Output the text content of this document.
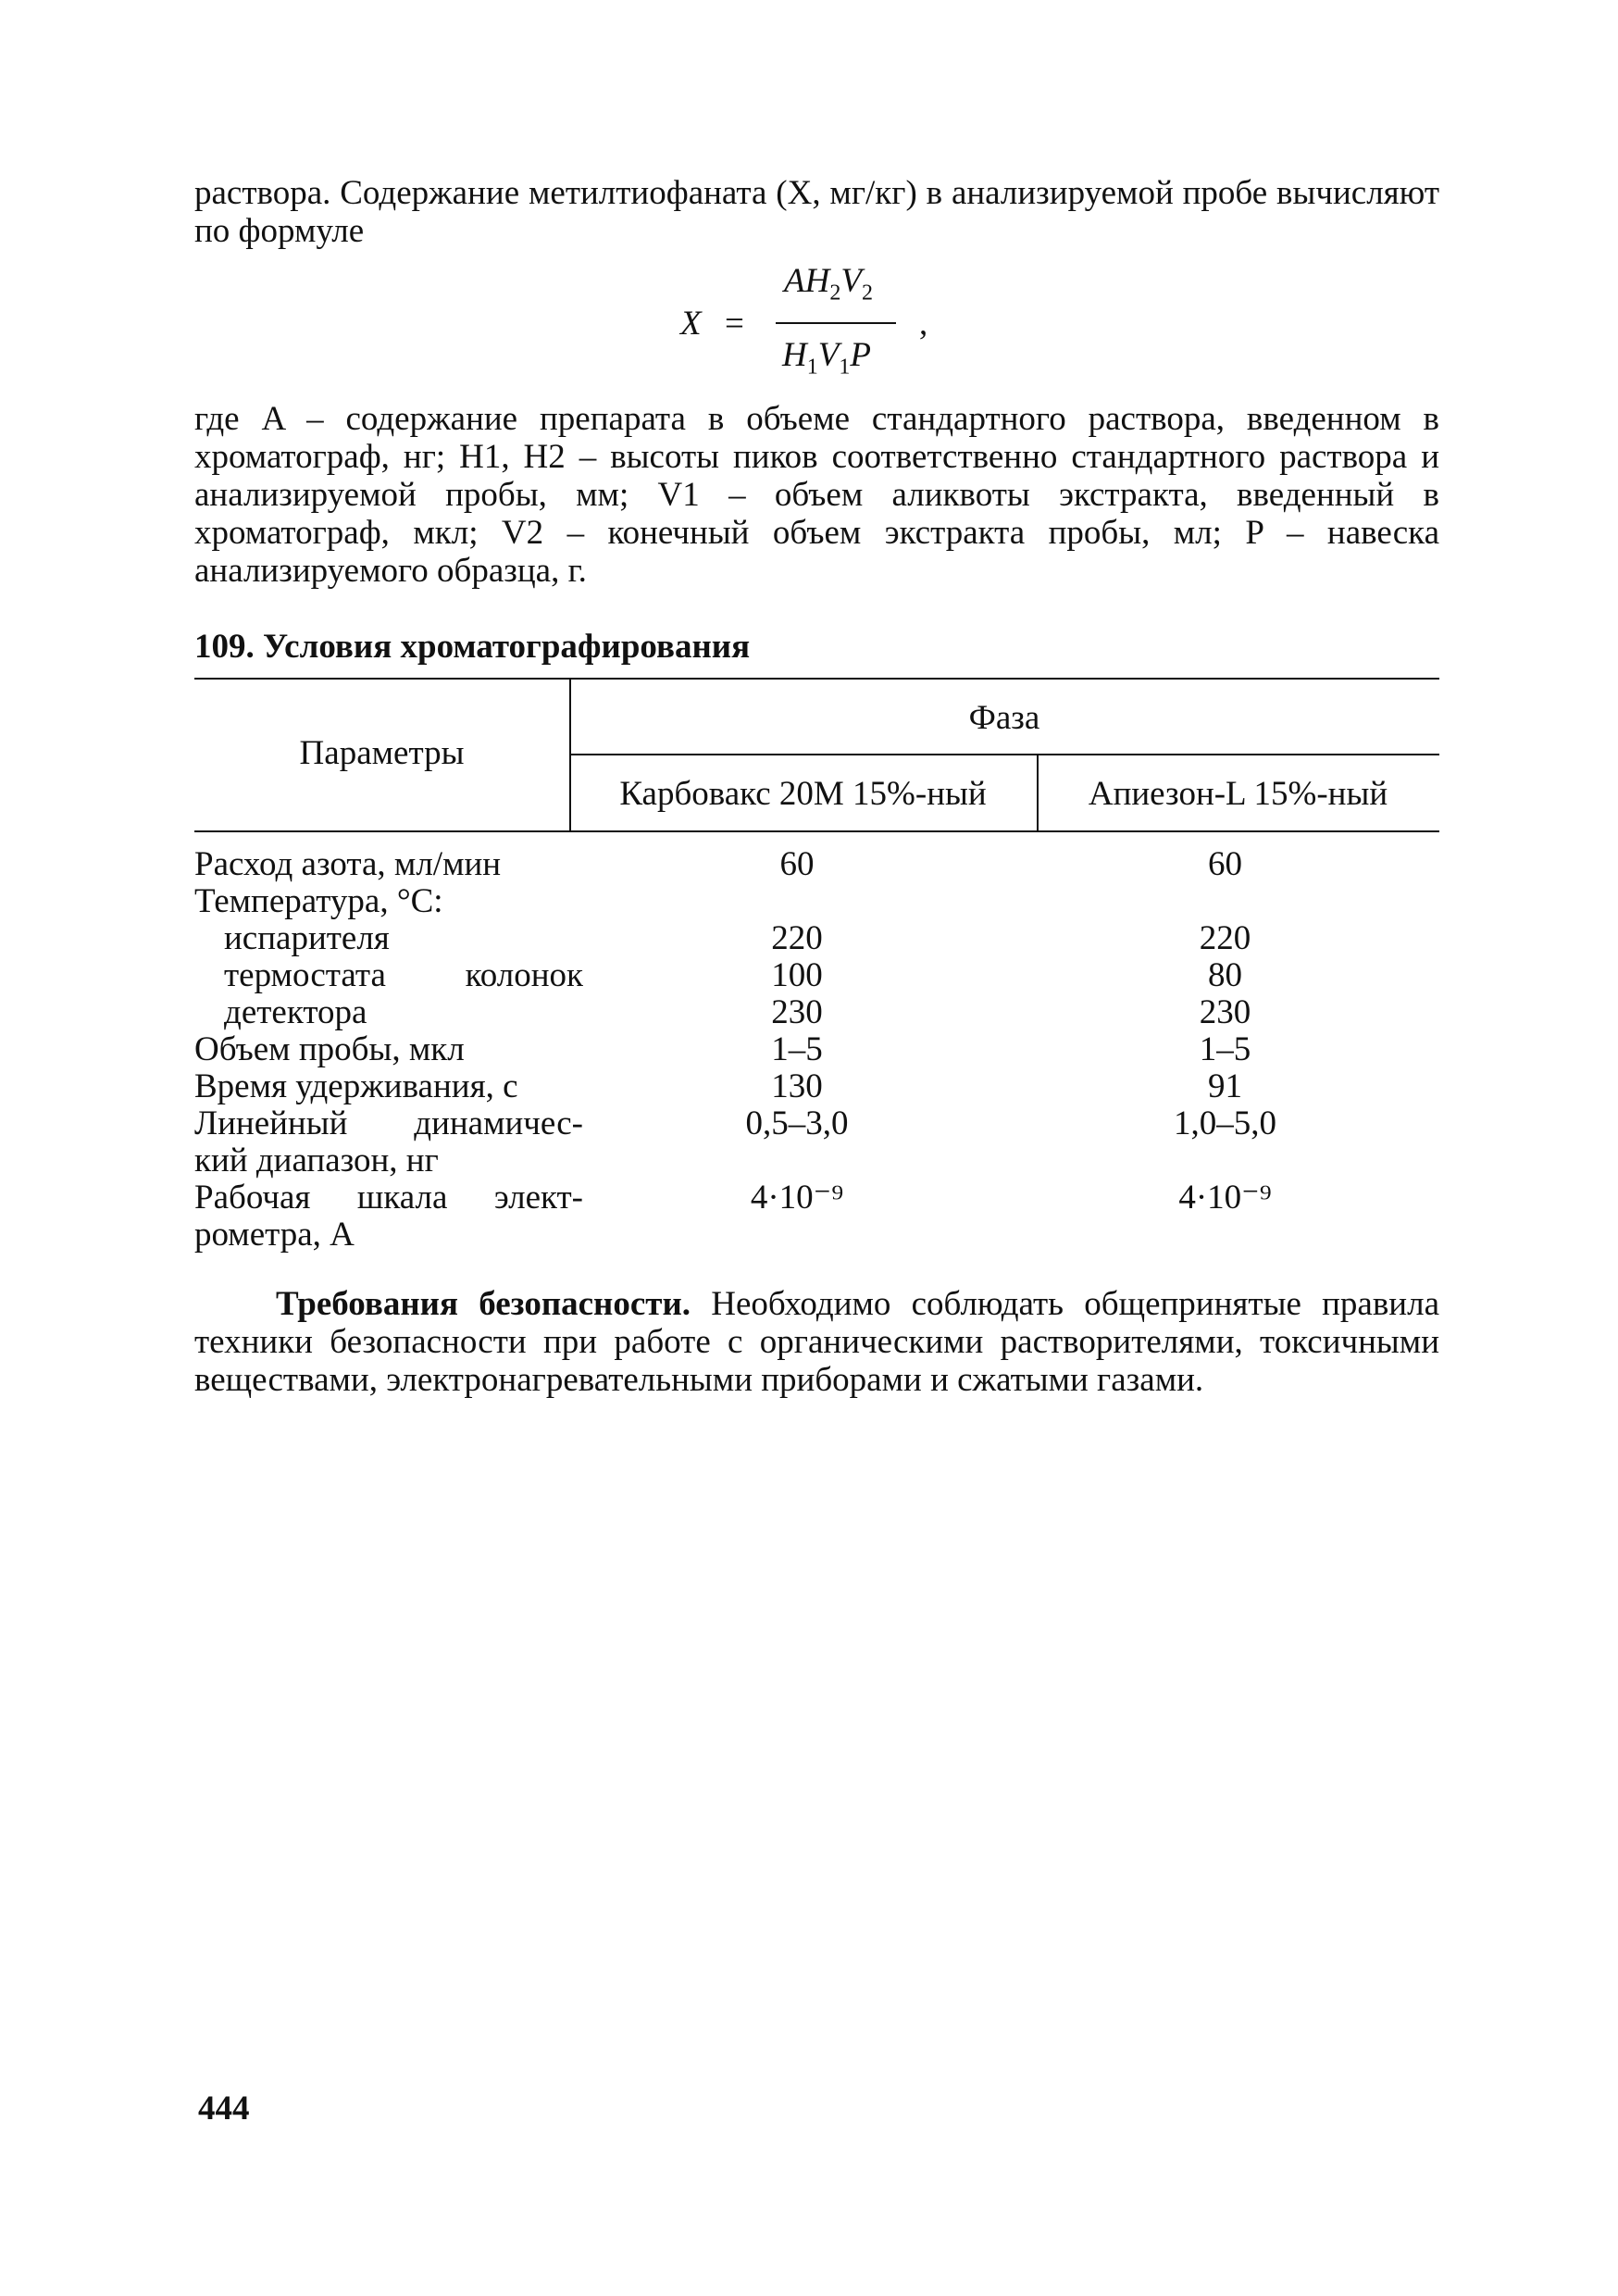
раствора. Содержание метилтиофаната (X, мг/кг) в анализируемой пробе вычисляют по формуле

X =
$AH_2V_2$
$H_1V_1P$
,

где A – содержание препарата в объеме стандартного раствора, введенном в хроматограф, нг; H1, H2 – высоты пиков соответственно стандартного раствора и анализируемой пробы, мм; V1 – объем аликвоты экстракта, введенный в хроматограф, мкл; V2 – конечный объем экстракта пробы, мл; P – навеска анализируемого образца, г.

109. Условия хроматографирования

Параметры
Фаза
Карбовакс 20М 15%-ный	Апиезон-L 15%-ный
Расход азота, мл/мин	60	60
Температура, °С:
испарителя	220	220
термостата колонок	100	80
детектора	230	230
Объем пробы, мкл	1–5	1–5
Время удерживания, с	130	91
Линейный динамичес-	0,5–3,0	1,0–5,0
кий диапазон, нг
Рабочая шкала элект-	4·10⁻⁹	4·10⁻⁹
рометра, А

Требования безопасности. Необходимо соблюдать общепринятые правила техники безопасности при работе с органическими растворителями, токсичными веществами, электронагревательными приборами и сжатыми газами.

444
